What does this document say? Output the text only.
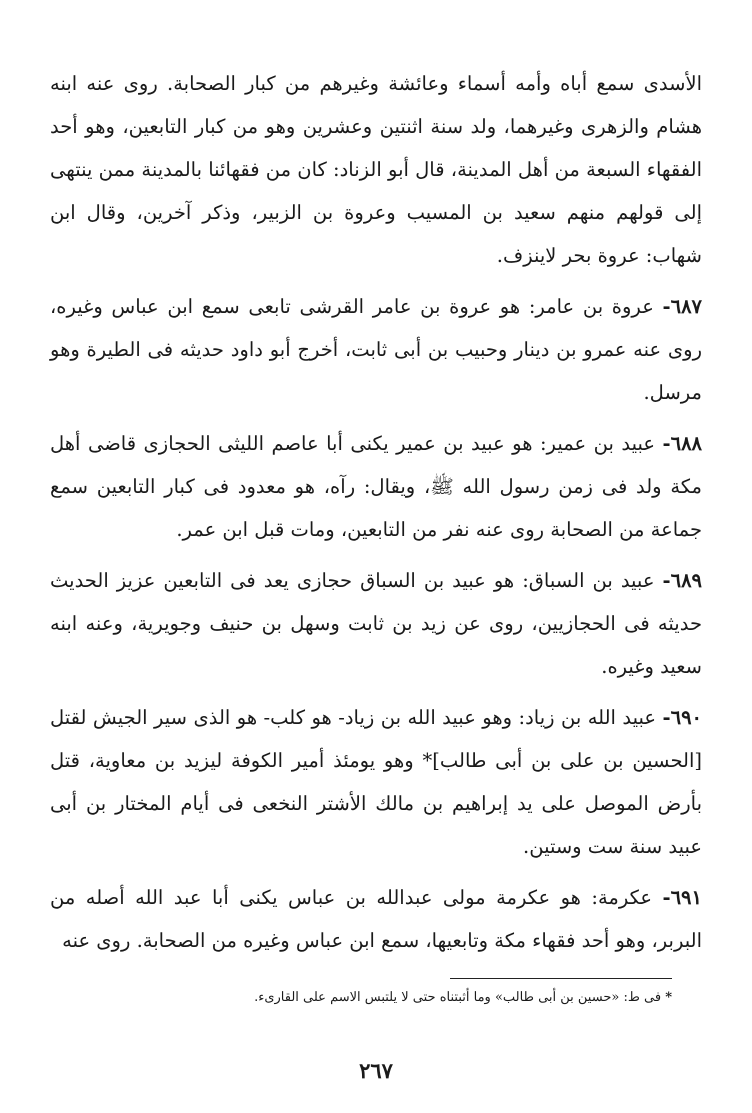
الأسدى سمع أباه وأمه أسماء وعائشة وغيرهم من كبار الصحابة. روى عنه ابنه هشام والزهرى وغيرهما، ولد سنة اثنتين وعشرين وهو من كبار التابعين، وهو أحد الفقهاء السبعة من أهل المدينة، قال أبو الزناد: كان من فقهائنا بالمدينة ممن ينتهى إلى قولهم منهم سعيد بن المسيب وعروة بن الزبير، وذكر آخرين، وقال ابن شهاب: عروة بحر لاينزف.

٦٨٧- عروة بن عامر: هو عروة بن عامر القرشى تابعى سمع ابن عباس وغيره، روى عنه عمرو بن دينار وحبيب بن أبى ثابت، أخرج أبو داود حديثه فى الطيرة وهو مرسل.

٦٨٨- عبيد بن عمير: هو عبيد بن عمير يكنى أبا عاصم الليثى الحجازى قاضى أهل مكة ولد فى زمن رسول الله ﷺ، ويقال: رآه، هو معدود فى كبار التابعين سمع جماعة من الصحابة روى عنه نفر من التابعين، ومات قبل ابن عمر.

٦٨٩- عبيد بن السباق: هو عبيد بن السباق حجازى يعد فى التابعين عزيز الحديث حديثه فى الحجازيين، روى عن زيد بن ثابت وسهل بن حنيف وجويرية، وعنه ابنه سعيد وغيره.

٦٩٠- عبيد الله بن زياد: وهو عبيد الله بن زياد- هو كلب- هو الذى سير الجيش لقتل [الحسين بن على بن أبى طالب]* وهو يومئذ أمير الكوفة ليزيد بن معاوية، قتل بأرض الموصل على يد إبراهيم بن مالك الأشتر النخعى فى أيام المختار بن أبى عبيد سنة ست وستين.

٦٩١- عكرمة: هو عكرمة مولى عبدالله بن عباس يكنى أبا عبد الله أصله من البربر، وهو أحد فقهاء مكة وتابعيها، سمع ابن عباس وغيره من الصحابة. روى عنه

* فى ط: «حسين بن أبى طالب» وما أثبتناه حتى لا يلتبس الاسم على القارىء.
٢٦٧
